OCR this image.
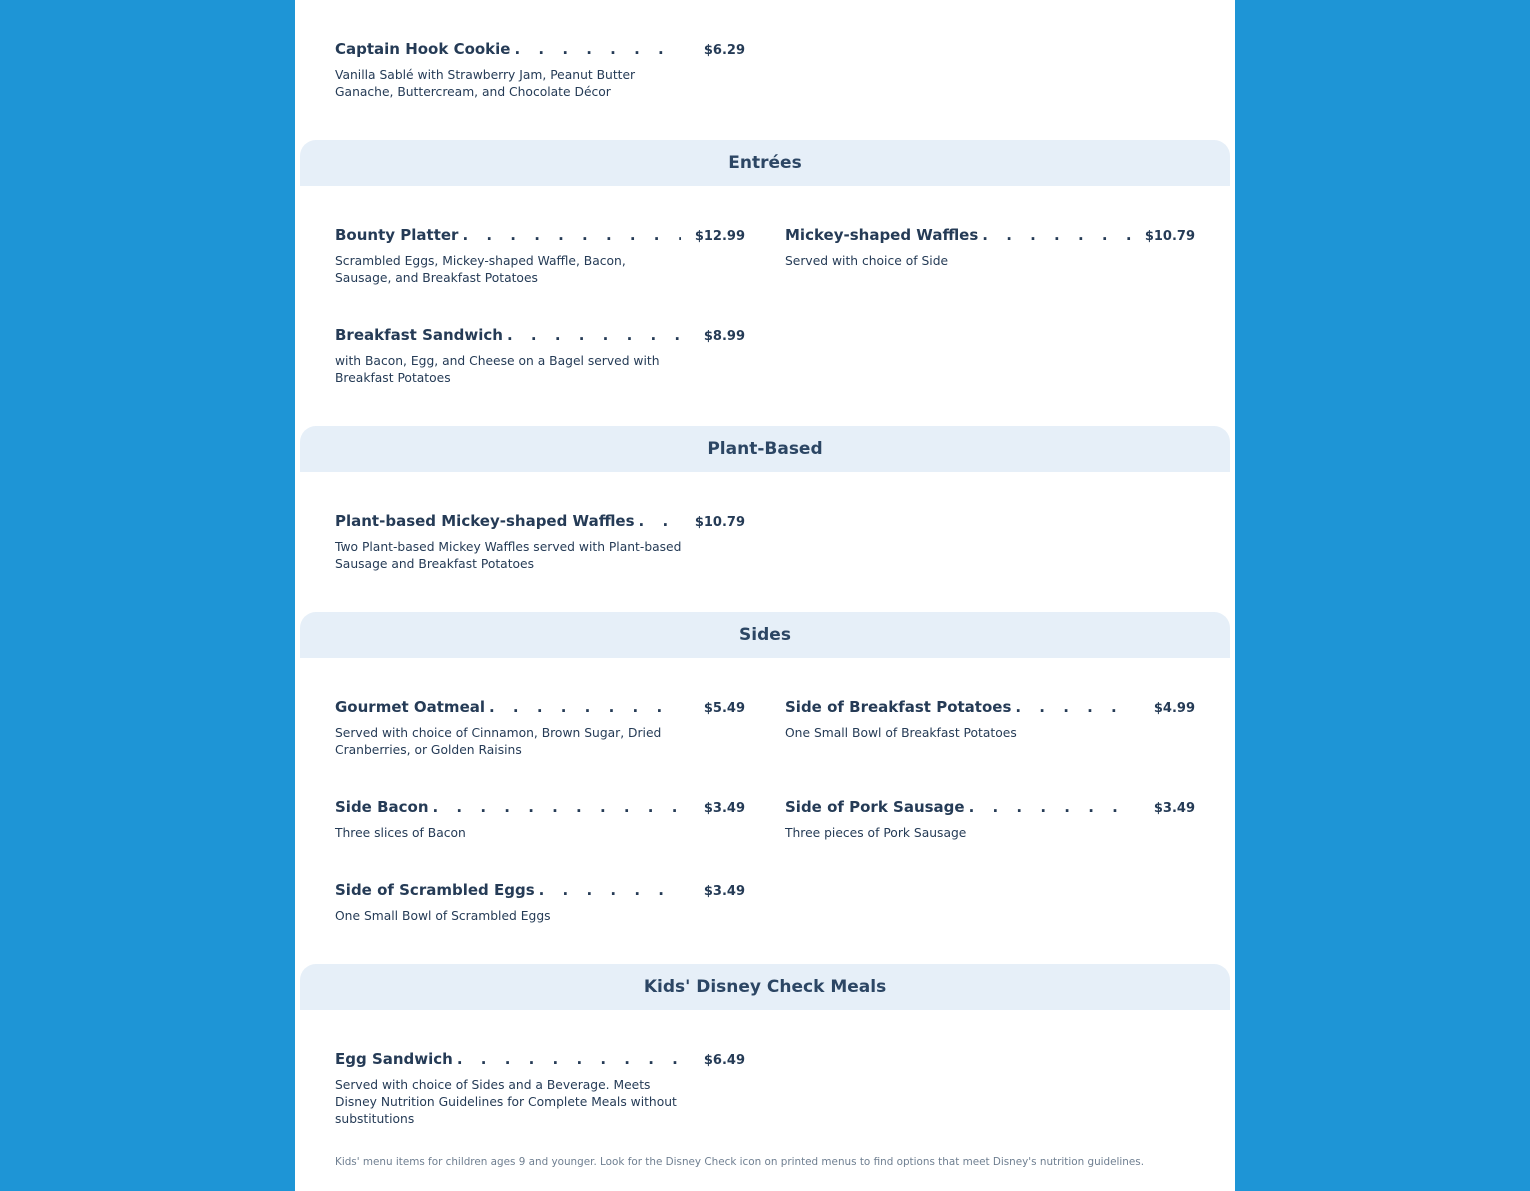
Captain Hook Cookie . . .	$6.29
Vanilla Sablé with Strawberry Jam, Peanut Butter Ganache, Buttercream, and Chocolate Décor
Entrées
Bounty Platter . . .	$12.99
Scrambled Eggs, Mickey-shaped Waffle, Bacon, Sausage, and Breakfast Potatoes
Mickey-shaped Waffles . . .	$10.79
Served with choice of Side
Breakfast Sandwich . . .	$8.99
with Bacon, Egg, and Cheese on a Bagel served with Breakfast Potatoes
Plant-Based
Plant-based Mickey-shaped Waffles . . .	$10.79
Two Plant-based Mickey Waffles served with Plant-based Sausage and Breakfast Potatoes
Sides
Gourmet Oatmeal . . .	$5.49
Served with choice of Cinnamon, Brown Sugar, Dried Cranberries, or Golden Raisins
Side of Breakfast Potatoes . . .	$4.99
One Small Bowl of Breakfast Potatoes
Side Bacon . . .	$3.49
Three slices of Bacon
Side of Pork Sausage . . .	$3.49
Three pieces of Pork Sausage
Side of Scrambled Eggs . . .	$3.49
One Small Bowl of Scrambled Eggs
Kids' Disney Check Meals
Egg Sandwich . . .	$6.49
Served with choice of Sides and a Beverage. Meets Disney Nutrition Guidelines for Complete Meals without substitutions
Kids' menu items for children ages 9 and younger. Look for the Disney Check icon on printed menus to find options that meet Disney's nutrition guidelines.
